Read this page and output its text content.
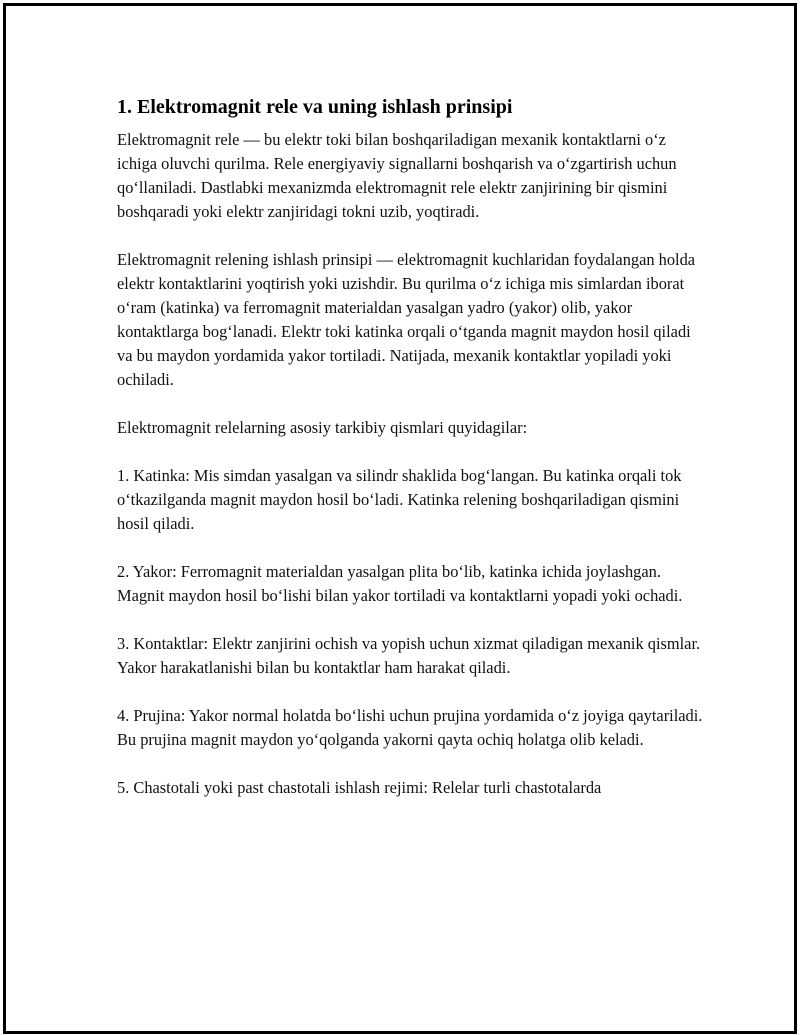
1. Elektromagnit rele va uning ishlash prinsipi

Elektromagnit rele — bu elektr toki bilan boshqariladigan mexanik kontaktlarni o‘z ichiga oluvchi qurilma. Rele energiyaviy signallarni boshqarish va o‘zgartirish uchun qo‘llaniladi. Dastlabki mexanizmda elektromagnit rele elektr zanjirining bir qismini boshqaradi yoki elektr zanjiridagi tokni uzib, yoqtiradi.

Elektromagnit relening ishlash prinsipi — elektromagnit kuchlaridan foydalangan holda elektr kontaktlarini yoqtirish yoki uzishdir. Bu qurilma o‘z ichiga mis simlardan iborat o‘ram (katinka) va ferromagnit materialdan yasalgan yadro (yakor) olib, yakor kontaktlarga bog‘lanadi. Elektr toki katinka orqali o‘tganda magnit maydon hosil qiladi va bu maydon yordamida yakor tortiladi. Natijada, mexanik kontaktlar yopiladi yoki ochiladi.

Elektromagnit relelarning asosiy tarkibiy qismlari quyidagilar:

1. Katinka: Mis simdan yasalgan va silindr shaklida bog‘langan. Bu katinka orqali tok o‘tkazilganda magnit maydon hosil bo‘ladi. Katinka relening boshqariladigan qismini hosil qiladi.

2. Yakor: Ferromagnit materialdan yasalgan plita bo‘lib, katinka ichida joylashgan. Magnit maydon hosil bo‘lishi bilan yakor tortiladi va kontaktlarni yopadi yoki ochadi.

3. Kontaktlar: Elektr zanjirini ochish va yopish uchun xizmat qiladigan mexanik qismlar. Yakor harakatlanishi bilan bu kontaktlar ham harakat qiladi.

4. Prujina: Yakor normal holatda bo‘lishi uchun prujina yordamida o‘z joyiga qaytariladi. Bu prujina magnit maydon yo‘qolganda yakorni qayta ochiq holatga olib keladi.

5. Chastotali yoki past chastotali ishlash rejimi: Relelar turli chastotalarda
